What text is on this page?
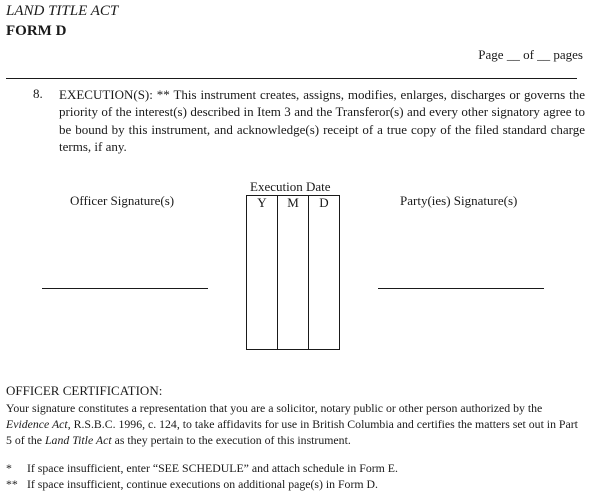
LAND TITLE ACT
FORM D
Page __ of __ pages
8. EXECUTION(S): ** This instrument creates, assigns, modifies, enlarges, discharges or governs the priority of the interest(s) described in Item 3 and the Transferor(s) and every other signatory agree to be bound by this instrument, and acknowledge(s) receipt of a true copy of the filed standard charge terms, if any.
Officer Signature(s)
Execution Date
Party(ies) Signature(s)
Y	M	D
OFFICER CERTIFICATION:
Your signature constitutes a representation that you are a solicitor, notary public or other person authorized by the Evidence Act, R.S.B.C. 1996, c. 124, to take affidavits for use in British Columbia and certifies the matters set out in Part 5 of the Land Title Act as they pertain to the execution of this instrument.
* If space insufficient, enter “SEE SCHEDULE” and attach schedule in Form E.
** If space insufficient, continue executions on additional page(s) in Form D.
